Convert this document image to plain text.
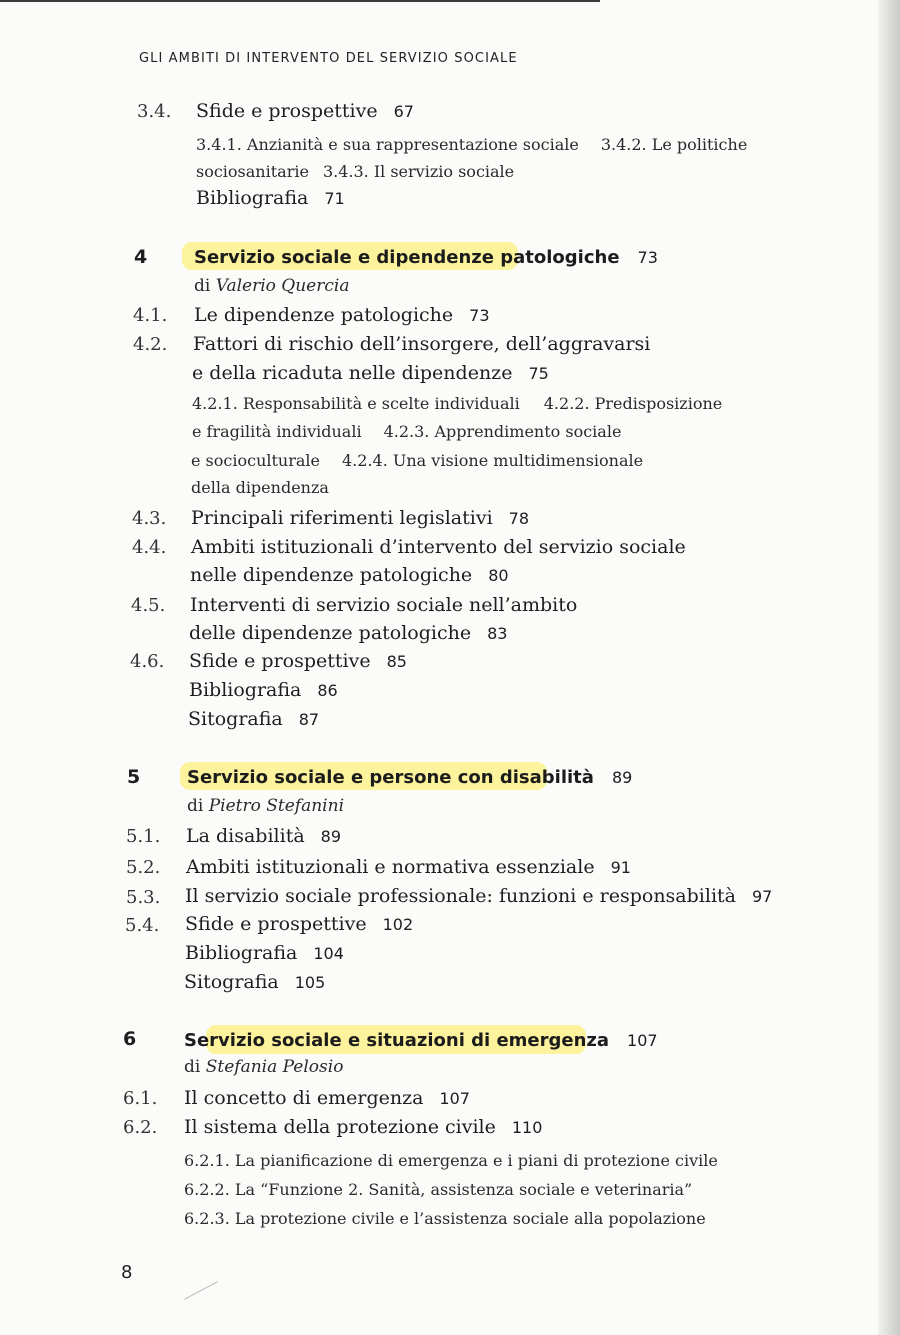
GLI AMBITI DI INTERVENTO DEL SERVIZIO SOCIALE
3.4. Sfide e prospettive 67
3.4.1. Anzianità e sua rappresentazione sociale 3.4.2. Le politiche
sociosanitarie 3.4.3. Il servizio sociale
Bibliografia 71
4	Servizio sociale e dipendenze patologiche 73
di Valerio Quercia
4.1. Le dipendenze patologiche 73
4.2. Fattori di rischio dell’insorgere, dell’aggravarsi
e della ricaduta nelle dipendenze 75
4.2.1. Responsabilità e scelte individuali 4.2.2. Predisposizione
e fragilità individuali 4.2.3. Apprendimento sociale
e socioculturale 4.2.4. Una visione multidimensionale
della dipendenza
4.3. Principali riferimenti legislativi 78
4.4. Ambiti istituzionali d’intervento del servizio sociale
nelle dipendenze patologiche 80
4.5. Interventi di servizio sociale nell’ambito
delle dipendenze patologiche 83
4.6. Sfide e prospettive 85
Bibliografia 86
Sitografia 87
5	Servizio sociale e persone con disabilità 89
di Pietro Stefanini
5.1. La disabilità 89
5.2. Ambiti istituzionali e normativa essenziale 91
5.3. Il servizio sociale professionale: funzioni e responsabilità 97
5.4. Sfide e prospettive 102
Bibliografia 104
Sitografia 105
6	Servizio sociale e situazioni di emergenza 107
di Stefania Pelosio
6.1. Il concetto di emergenza 107
6.2. Il sistema della protezione civile 110
6.2.1. La pianificazione di emergenza e i piani di protezione civile
6.2.2. La “Funzione 2. Sanità, assistenza sociale e veterinaria”
6.2.3. La protezione civile e l’assistenza sociale alla popolazione
8
